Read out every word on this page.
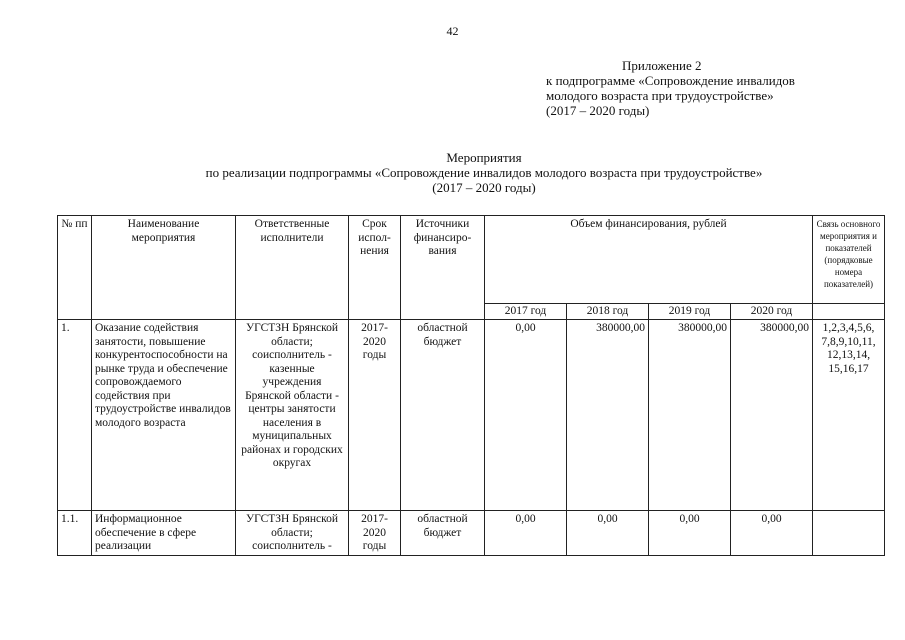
42
Приложение 2
к подпрограмме «Сопровождение инвалидов
молодого возраста при трудоустройстве»
(2017 – 2020 годы)
Мероприятия
по реализации подпрограммы «Сопровождение инвалидов молодого возраста при трудоустройстве»
(2017 – 2020 годы)
№ пп	Наименование мероприятия	Ответственные исполнители	Срок испол-нения	Источники финансиро-вания	Объем финансирования, рублей				Связь основного мероприятия и показателей (порядковые номера показателей)
					2017 год	2018 год	2019 год	2020 год	
1.	Оказание содействия занятости, повышение конкурентоспособности на рынке труда и обеспечение сопровождаемого содействия при трудоустройстве инвалидов молодого возраста	УГСТЗН Брянской области; соисполнитель - казенные учреждения Брянской области - центры занятости населения в муниципальных районах и городских округах	2017-2020 годы	областной бюджет	0,00	380000,00	380000,00	380000,00	1,2,3,4,5,6, 7,8,9,10,11, 12,13,14, 15,16,17
1.1.	Информационное обеспечение в сфере реализации	УГСТЗН Брянской области; соисполнитель -	2017-2020 годы	областной бюджет	0,00	0,00	0,00	0,00	
